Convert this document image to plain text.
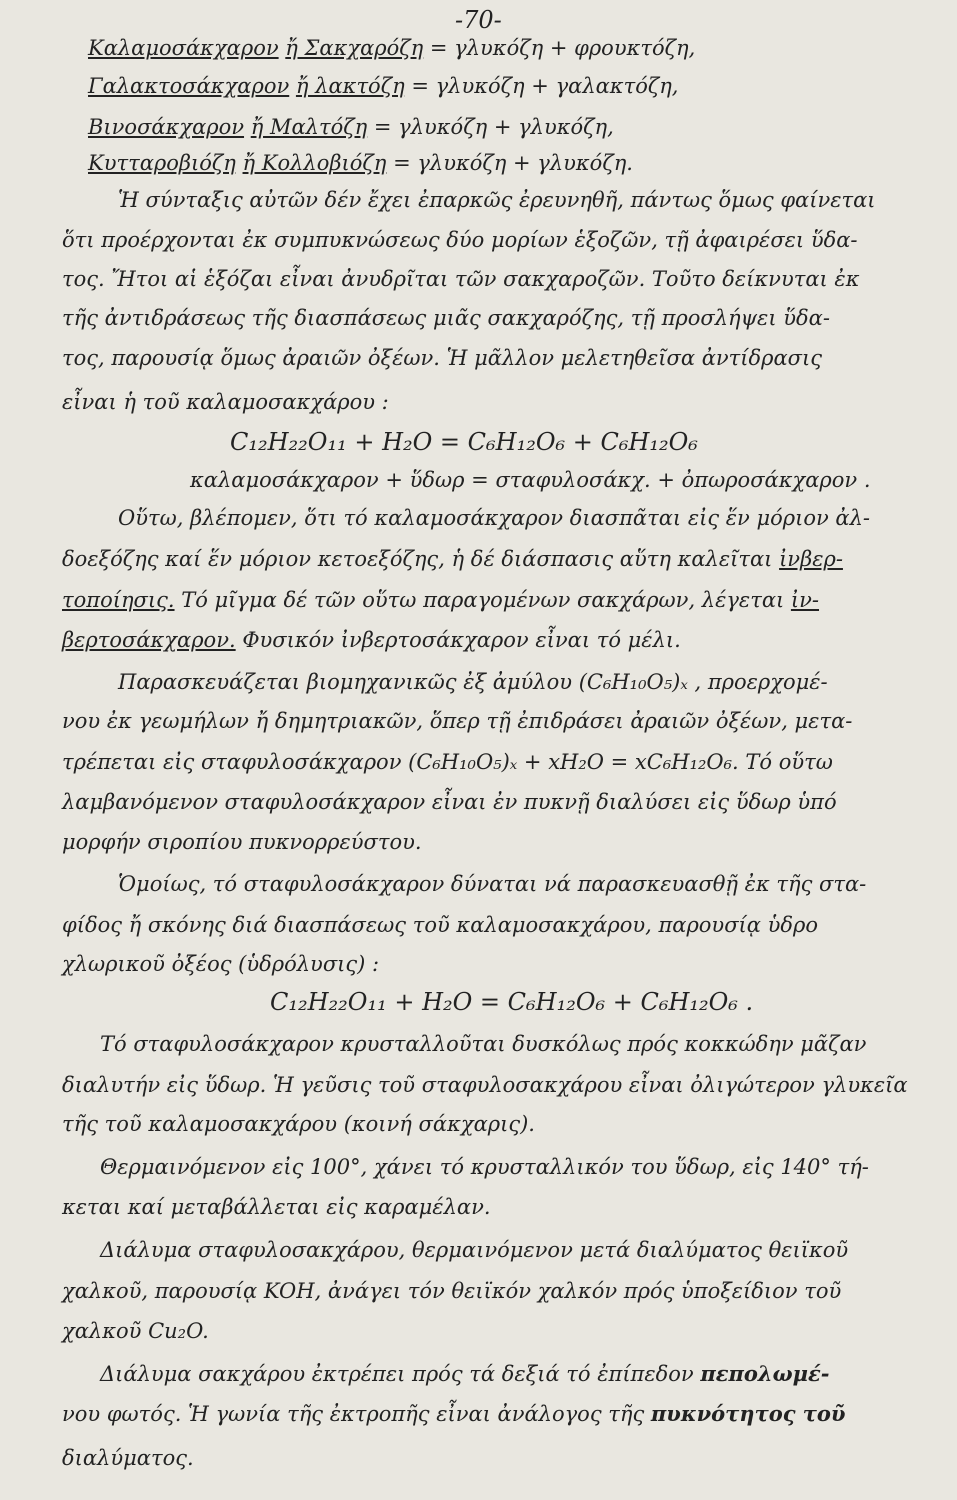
-70-
Καλαμοσάκχαρον ἤ Σακχαρόζη = γλυκόζη + φρουκτόζη,
Γαλακτοσάκχαρον ἤ λακτόζη = γλυκόζη + γαλακτόζη,
Βινοσάκχαρον ἤ Μαλτόζη = γλυκόζη + γλυκόζη,
Κυτταροβιόζη ἤ Κολλοβιόζη = γλυκόζη + γλυκόζη.
Ἡ σύνταξις αὐτῶν δέν ἔχει ἐπαρκῶς ἐρευνηθῆ, πάντως ὅμως φαίνεται
ὅτι προέρχονται ἐκ συμπυκνώσεως δύο μορίων ἑξοζῶν, τῇ ἀφαιρέσει ὕδα-
τος. Ἤτοι αἱ ἑξόζαι εἶναι ἀνυδρῖται τῶν σακχαροζῶν. Τοῦτο δείκνυται ἐκ
τῆς ἀντιδράσεως τῆς διασπάσεως μιᾶς σακχαρόζης, τῇ προσλήψει ὕδα-
τος, παρουσίᾳ ὅμως ἀραιῶν ὀξέων. Ἡ μᾶλλον μελετηθεῖσα ἀντίδρασις
εἶναι ἡ τοῦ καλαμοσακχάρου :
C₁₂H₂₂O₁₁ + H₂O = C₆H₁₂O₆ + C₆H₁₂O₆
καλαμοσάκχαρον + ὕδωρ = σταφυλοσάκχ. + ὀπωροσάκχαρον .
Οὕτω, βλέπομεν, ὅτι τό καλαμοσάκχαρον διασπᾶται εἰς ἕν μόριον ἀλ-
δοεξόζης καί ἕν μόριον κετοεξόζης, ἡ δέ διάσπασις αὕτη καλεῖται ἰνβερ-
τοποίησις. Τό μῖγμα δέ τῶν οὕτω παραγομένων σακχάρων, λέγεται ἰν-
βερτοσάκχαρον. Φυσικόν ἰνβερτοσάκχαρον εἶναι τό μέλι.
Παρασκευάζεται βιομηχανικῶς ἐξ ἀμύλου (C₆H₁₀O₅)ₓ , προερχομέ-
νου ἐκ γεωμήλων ἤ δημητριακῶν, ὅπερ τῇ ἐπιδράσει ἀραιῶν ὀξέων, μετα-
τρέπεται εἰς σταφυλοσάκχαρον (C₆H₁₀O₅)ₓ + xH₂O = xC₆H₁₂O₆. Τό οὕτω
λαμβανόμενον σταφυλοσάκχαρον εἶναι ἐν πυκνῇ διαλύσει εἰς ὕδωρ ὑπό
μορφήν σιροπίου πυκνορρεύστου.
Ὁμοίως, τό σταφυλοσάκχαρον δύναται νά παρασκευασθῇ ἐκ τῆς στα-
φίδος ἤ σκόνης διά διασπάσεως τοῦ καλαμοσακχάρου, παρουσίᾳ ὑδρο
χλωρικοῦ ὀξέος (ὑδρόλυσις) :
C₁₂H₂₂O₁₁ + H₂O = C₆H₁₂O₆ + C₆H₁₂O₆ .
Τό σταφυλοσάκχαρον κρυσταλλοῦται δυσκόλως πρός κοκκώδην μᾶζαν
διαλυτήν εἰς ὕδωρ. Ἡ γεῦσις τοῦ σταφυλοσακχάρου εἶναι ὀλιγώτερον γλυκεῖα
τῆς τοῦ καλαμοσακχάρου (κοινή σάκχαρις).
Θερμαινόμενον εἰς 100°, χάνει τό κρυσταλλικόν του ὕδωρ, εἰς 140° τή-
κεται καί μεταβάλλεται εἰς καραμέλαν.
Διάλυμα σταφυλοσακχάρου, θερμαινόμενον μετά διαλύματος θειϊκοῦ
χαλκοῦ, παρουσίᾳ KOH, ἀνάγει τόν θειϊκόν χαλκόν πρός ὑποξείδιον τοῦ
χαλκοῦ Cu₂O.
Διάλυμα σακχάρου ἐκτρέπει πρός τά δεξιά τό ἐπίπεδον πεπολωμέ-
νου φωτός. Ἡ γωνία τῆς ἐκτροπῆς εἶναι ἀνάλογος τῆς πυκνότητος τοῦ
διαλύματος.
